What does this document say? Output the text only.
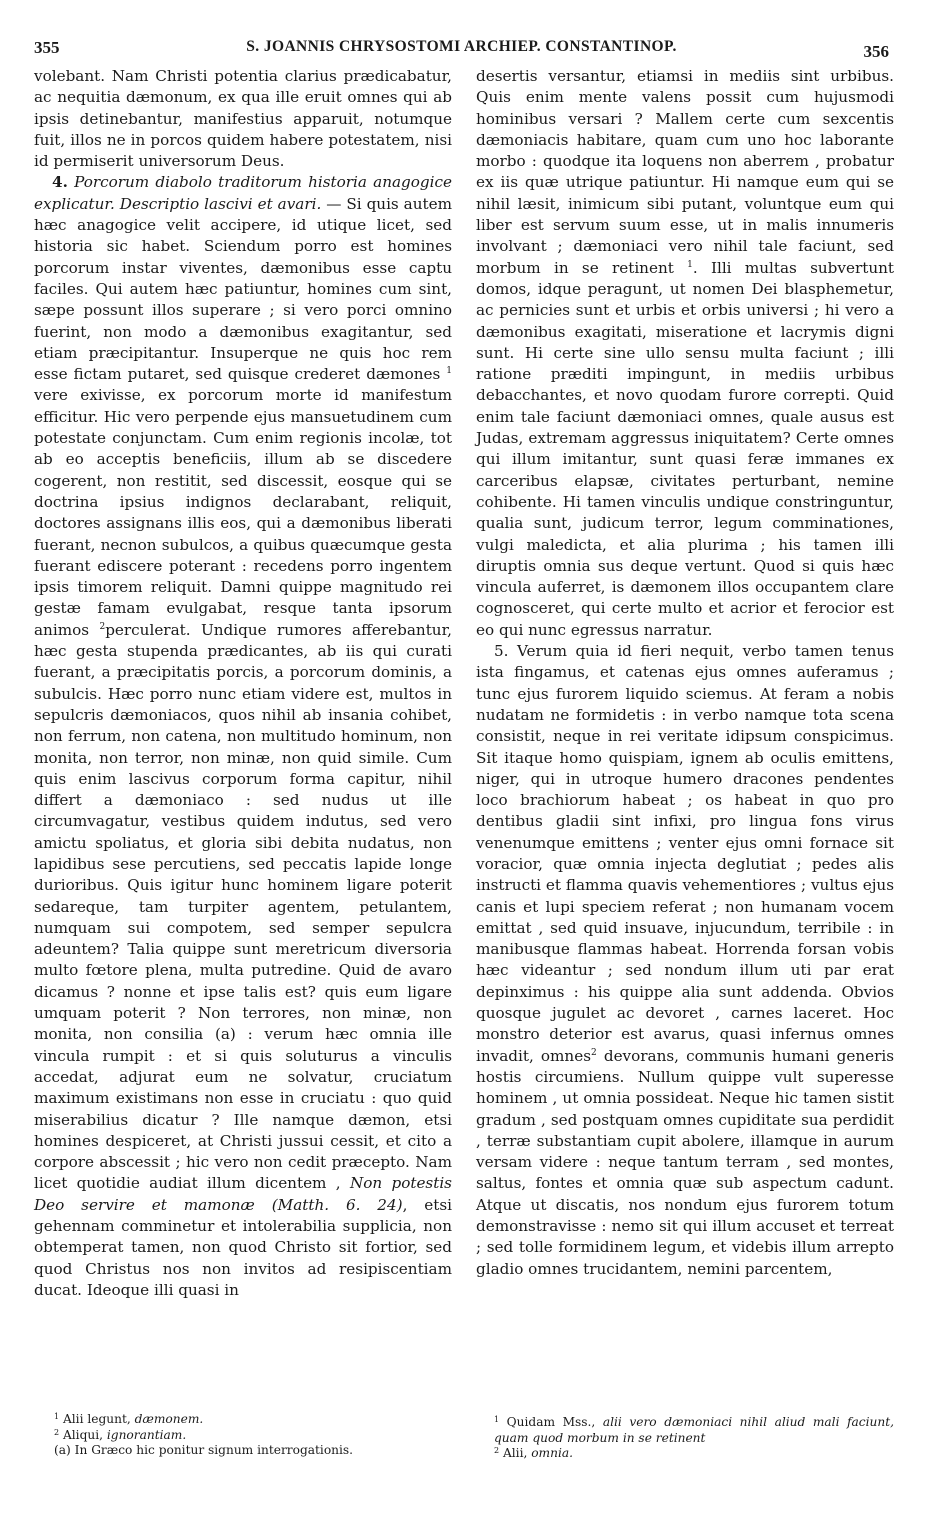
355	S. JOANNIS CHRYSOSTOMI ARCHIEP. CONSTANTINOP.	356

volebant. Nam Christi potentia clarius prædicabatur, ac nequitia dæmonum, ex qua ille eruit omnes qui ab ipsis detinebantur, manifestius apparuit, notumque fuit, illos ne in porcos quidem habere potestatem, nisi id permiserit universorum Deus.

4. Porcorum diabolo traditorum historia anagogice explicatur. Descriptio lascivi et avari. — Si quis autem hæc anagogice velit accipere, id utique licet, sed historia sic habet. Sciendum porro est homines porcorum instar viventes, dæmonibus esse captu faciles. Qui autem hæc patiuntur, homines cum sint, sæpe possunt illos superare ; si vero porci omnino fuerint, non modo a dæmonibus exagitantur, sed etiam præcipitantur. Insuperque ne quis hoc rem esse fictam putaret, sed quisque crederet dæmones $^1$ vere exivisse, ex porcorum morte id manifestum efficitur. Hic vero perpende ejus mansuetudinem cum potestate conjunctam. Cum enim regionis incolæ, tot ab eo acceptis beneficiis, illum ab se discedere cogerent, non restitit, sed discessit, eosque qui se doctrina ipsius indignos declarabant, reliquit, doctores assignans illis eos, qui a dæmonibus liberati fuerant, necnon subulcos, a quibus quæcumque gesta fuerant ediscere poterant : recedens porro ingentem ipsis timorem reliquit. Damni quippe magnitudo rei gestæ famam evulgabat, resque tanta ipsorum animos $^2$perculerat. Undique rumores afferebantur, hæc gesta stupenda prædicantes, ab iis qui curati fuerant, a præcipitatis porcis, a porcorum dominis, a subulcis. Hæc porro nunc etiam videre est, multos in sepulcris dæmoniacos, quos nihil ab insania cohibet, non ferrum, non catena, non multitudo hominum, non monita, non terror, non minæ, non quid simile. Cum quis enim lascivus corporum forma capitur, nihil differt a dæmoniaco : sed nudus ut ille circumvagatur, vestibus quidem indutus, sed vero amictu spoliatus, et gloria sibi debita nudatus, non lapidibus sese percutiens, sed peccatis lapide longe durioribus. Quis igitur hunc hominem ligare poterit sedareque, tam turpiter agentem, petulantem, numquam sui compotem, sed semper sepulcra adeuntem? Talia quippe sunt meretricum diversoria multo fœtore plena, multa putredine. Quid de avaro dicamus ? nonne et ipse talis est? quis eum ligare umquam poterit ? Non terrores, non minæ, non monita, non consilia (a) : verum hæc omnia ille vincula rumpit : et si quis soluturus a vinculis accedat, adjurat eum ne solvatur, cruciatum maximum existimans non esse in cruciatu : quo quid miserabilius dicatur ? Ille namque dæmon, etsi homines despiceret, at Christi jussui cessit, et cito a corpore abscessit ; hic vero non cedit præcepto. Nam licet quotidie audiat illum dicentem , Non potestis Deo servire et mamonæ (Matth. 6. 24), etsi gehennam comminetur et intolerabilia supplicia, non obtemperat tamen, non quod Christo sit fortior, sed quod Christus nos non invitos ad resipiscentiam ducat. Ideoque illi quasi in

desertis versantur, etiamsi in mediis sint urbibus. Quis enim mente valens possit cum hujusmodi hominibus versari ? Mallem certe cum sexcentis dæmoniacis habitare, quam cum uno hoc laborante morbo : quodque ita loquens non aberrem , probatur ex iis quæ utrique patiuntur. Hi namque eum qui se nihil læsit, inimicum sibi putant, voluntque eum qui liber est servum suum esse, ut in malis innumeris involvant ; dæmoniaci vero nihil tale faciunt, sed morbum in se retinent $^1$. Illi multas subvertunt domos, idque peragunt, ut nomen Dei blasphemetur, ac pernicies sunt et urbis et orbis universi ; hi vero a dæmonibus exagitati, miseratione et lacrymis digni sunt. Hi certe sine ullo sensu multa faciunt ; illi ratione præditi impingunt, in mediis urbibus debacchantes, et novo quodam furore correpti. Quid enim tale faciunt dæmoniaci omnes, quale ausus est Judas, extremam aggressus iniquitatem? Certe omnes qui illum imitantur, sunt quasi feræ immanes ex carceribus elapsæ, civitates perturbant, nemine cohibente. Hi tamen vinculis undique constringuntur, qualia sunt, judicum terror, legum comminationes, vulgi maledicta, et alia plurima ; his tamen illi diruptis omnia sus deque vertunt. Quod si quis hæc vincula auferret, is dæmonem illos occupantem clare cognosceret, qui certe multo et acrior et ferocior est eo qui nunc egressus narratur.

5. Verum quia id fieri nequit, verbo tamen tenus ista fingamus, et catenas ejus omnes auferamus ; tunc ejus furorem liquido sciemus. At feram a nobis nudatam ne formidetis : in verbo namque tota scena consistit, neque in rei veritate idipsum conspicimus. Sit itaque homo quispiam, ignem ab oculis emittens, niger, qui in utroque humero dracones pendentes loco brachiorum habeat ; os habeat in quo pro dentibus gladii sint infixi, pro lingua fons virus venenumque emittens ; venter ejus omni fornace sit voracior, quæ omnia injecta deglutiat ; pedes alis instructi et flamma quavis vehementiores ; vultus ejus canis et lupi speciem referat ; non humanam vocem emittat , sed quid insuave, injucundum, terribile : in manibusque flammas habeat. Horrenda forsan vobis hæc videantur ; sed nondum illum uti par erat depinximus : his quippe alia sunt addenda. Obvios quosque jugulet ac devoret , carnes laceret. Hoc monstro deterior est avarus, quasi infernus omnes invadit, omnes$^2$ devorans, communis humani generis hostis circumiens. Nullum quippe vult superesse hominem , ut omnia possideat. Neque hic tamen sistit gradum , sed postquam omnes cupiditate sua perdidit , terræ substantiam cupit abolere, illamque in aurum versam videre : neque tantum terram , sed montes, saltus, fontes et omnia quæ sub aspectum cadunt. Atque ut discatis, nos nondum ejus furorem totum demonstravisse : nemo sit qui illum accuset et terreat ; sed tolle formidinem legum, et videbis illum arrepto gladio omnes trucidantem, nemini parcentem,

$^1$ Alii legunt, dæmonem.

$^2$ Aliqui, ignorantiam.

(a) In Græco hic ponitur signum interrogationis.

$^1$ Quidam Mss., alii vero dæmoniaci nihil aliud mali faciunt, quam quod morbum in se retinent

$^2$ Alii, omnia.
